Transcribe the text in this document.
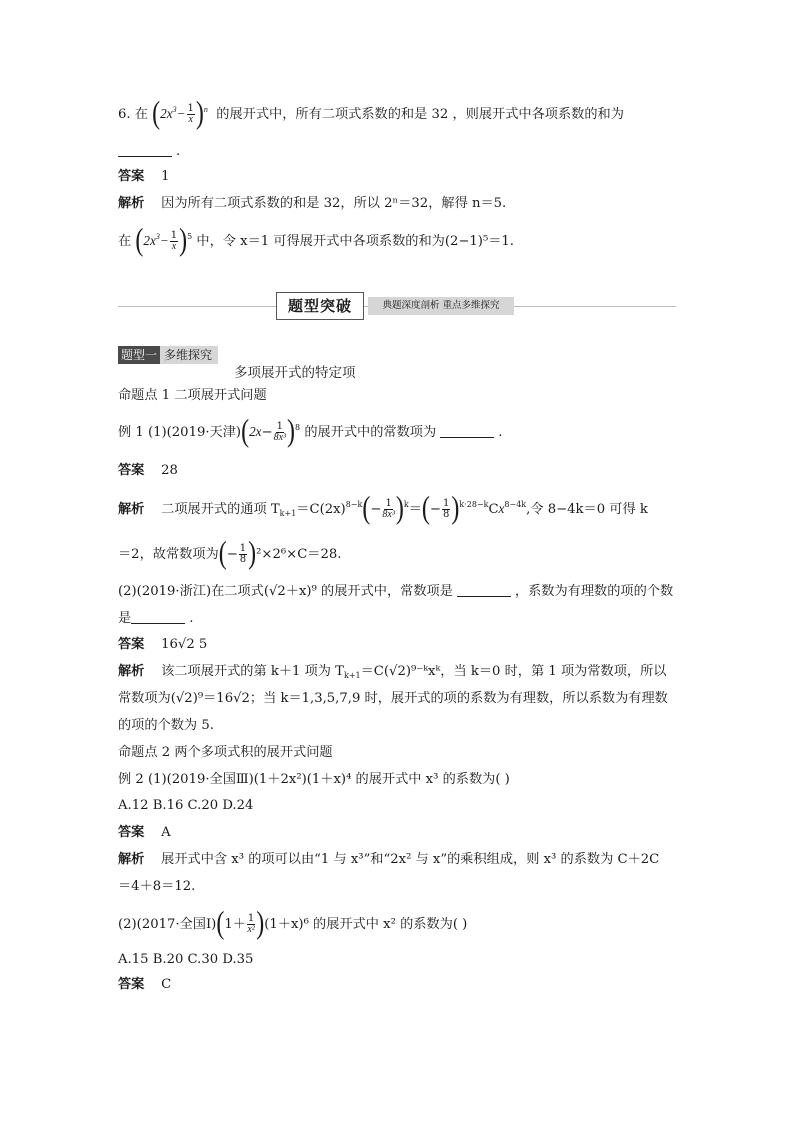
6. 在 $(2x^3- \frac{1}{x} )^n$ 的展开式中，所有二项式系数的和是 32 ，则展开式中各项系数的和为
.
答案 1
解析 因为所有二项式系数的和是 32，所以 2ⁿ＝32，解得 n＝5.
在 $(2x^3- \frac{1}{x} )^5$ 中，令 x＝1 可得展开式中各项系数的和为(2−1)⁵＝1.
题型突破	典题深度剖析 重点多维探究
题型一 多维探究
多项展开式的特定项
命题点 1 二项展开式问题
例 1 (1)(2019·天津)$(2x- \frac{1}{\text{8x³}} )^8$ 的展开式中的常数项为	.
答案 28
解析 二项展开式的通项 $T_{k+1}=C(2x)^{8-k}(- \frac{1}{\text{8x³}} )^k=(- \frac{1}{8} )^{k\cdot 28-k}Cx^{8-4k}$,令 8−4k＝0 可得 k
＝2，故常数项为(− $\frac{1}{8} )^2\times 2^6\times C=28$.
(2)(2019·浙江)在二项式(√2＋x)⁹ 的展开式中，常数项是	，系数为有理数的项的个数
是	.
答案 16√2 5
解析 该二项展开式的第 k＋1 项为 $T_{k+1}=C(√2)^{9-}ᵏxᵏ$，当 k＝0 时，第 1 项为常数项，所以
常数项为(√2)⁹＝16√2；当 k＝1,3,5,7,9 时，展开式的项的系数为有理数，所以系数为有理数
的项的个数为 5.
命题点 2 两个多项式积的展开式问题
例 2 (1)(2019·全国Ⅲ)(1＋2x²)(1＋x)⁴ 的展开式中 x³ 的系数为( )
A.12 B.16 C.20 D.24
答案 A
解析 展开式中含 x³ 的项可以由“1 与 x³”和“2x² 与 x”的乘积组成，则 x³ 的系数为 C＋2C
＝4＋8＝12.
(2)(2017·全国Ⅰ)(1＋ $\frac{1}{\text{x²}} )(1+x)^6$ 的展开式中 x² 的系数为( )
A.15 B.20 C.30 D.35
答案 C
